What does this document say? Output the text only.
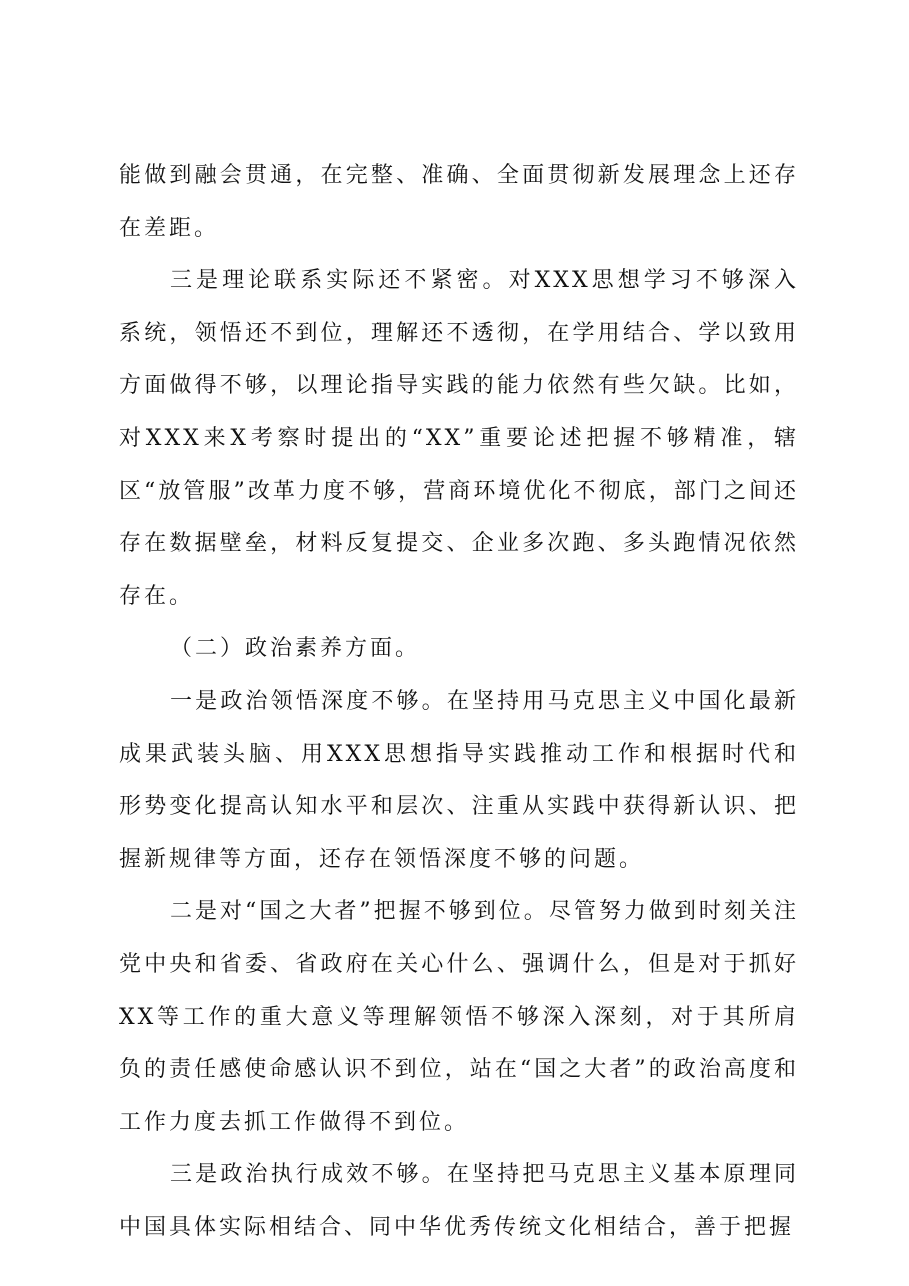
能做到融会贯通，在完整、准确、全面贯彻新发展理念上还存在差距。

三是理论联系实际还不紧密。对XXX思想学习不够深入系统，领悟还不到位，理解还不透彻，在学用结合、学以致用方面做得不够，以理论指导实践的能力依然有些欠缺。比如，对XXX来X考察时提出的“XX”重要论述把握不够精准，辖区“放管服”改革力度不够，营商环境优化不彻底，部门之间还存在数据壁垒，材料反复提交、企业多次跑、多头跑情况依然存在。

（二）政治素养方面。

一是政治领悟深度不够。在坚持用马克思主义中国化最新成果武装头脑、用XXX思想指导实践推动工作和根据时代和形势变化提高认知水平和层次、注重从实践中获得新认识、把握新规律等方面，还存在领悟深度不够的问题。

二是对“国之大者”把握不够到位。尽管努力做到时刻关注党中央和省委、省政府在关心什么、强调什么，但是对于抓好XX等工作的重大意义等理解领悟不够深入深刻，对于其所肩负的责任感使命感认识不到位，站在“国之大者”的政治高度和工作力度去抓工作做得不到位。

三是政治执行成效不够。在坚持把马克思主义基本原理同中国具体实际相结合、同中华优秀传统文化相结合，善于把握
